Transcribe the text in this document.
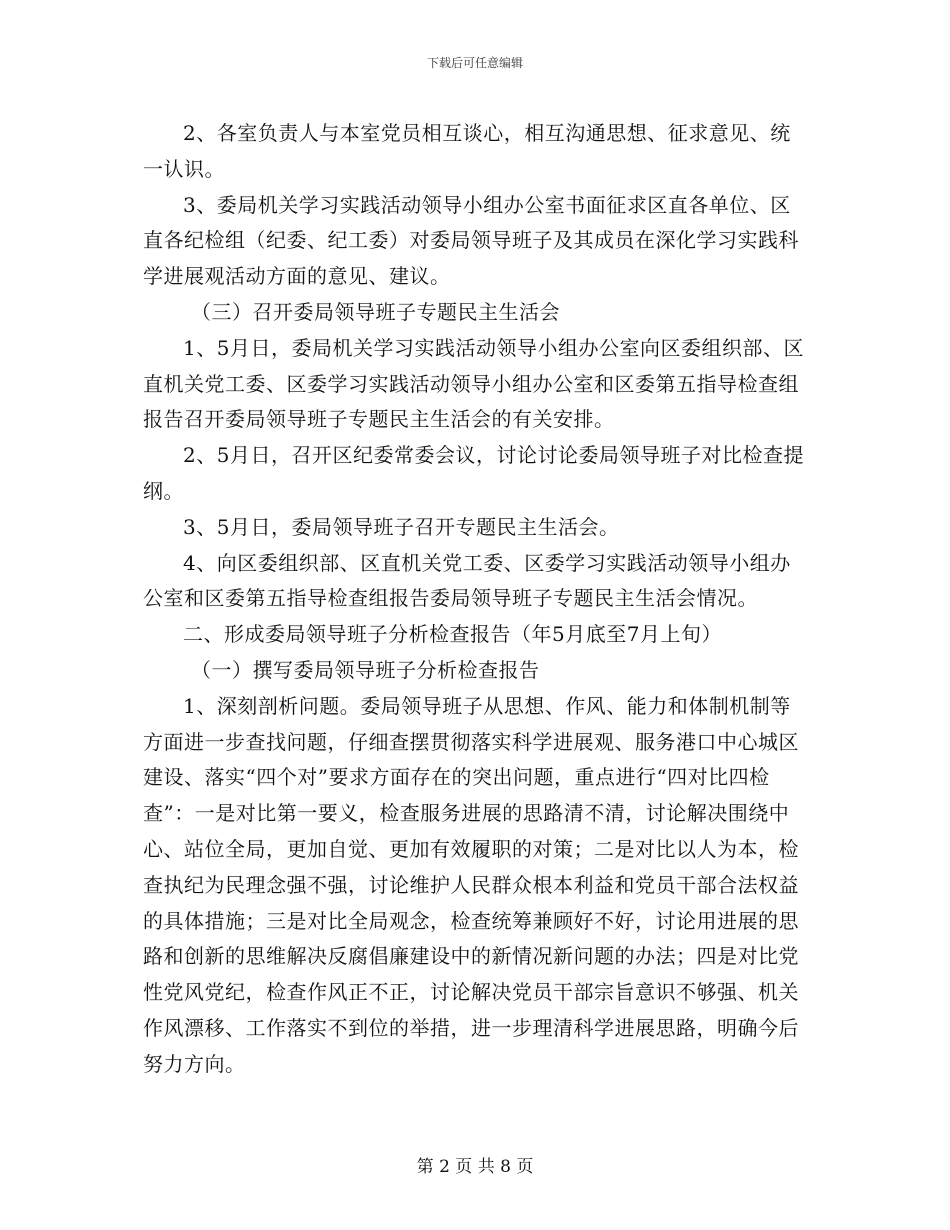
下载后可任意编辑

2、各室负责人与本室党员相互谈心，相互沟通思想、征求意见、统一认识。

3、委局机关学习实践活动领导小组办公室书面征求区直各单位、区直各纪检组（纪委、纪工委）对委局领导班子及其成员在深化学习实践科学进展观活动方面的意见、建议。

（三）召开委局领导班子专题民主生活会

1、5月日，委局机关学习实践活动领导小组办公室向区委组织部、区直机关党工委、区委学习实践活动领导小组办公室和区委第五指导检查组报告召开委局领导班子专题民主生活会的有关安排。

2、5月日，召开区纪委常委会议，讨论讨论委局领导班子对比检查提纲。

3、5月日，委局领导班子召开专题民主生活会。

4、向区委组织部、区直机关党工委、区委学习实践活动领导小组办公室和区委第五指导检查组报告委局领导班子专题民主生活会情况。

二、形成委局领导班子分析检查报告（年5月底至7月上旬）

（一）撰写委局领导班子分析检查报告

1、深刻剖析问题。委局领导班子从思想、作风、能力和体制机制等方面进一步查找问题，仔细查摆贯彻落实科学进展观、服务港口中心城区建设、落实“四个对”要求方面存在的突出问题，重点进行“四对比四检查”：一是对比第一要义，检查服务进展的思路清不清，讨论解决围绕中心、站位全局，更加自觉、更加有效履职的对策；二是对比以人为本，检查执纪为民理念强不强，讨论维护人民群众根本利益和党员干部合法权益的具体措施；三是对比全局观念，检查统筹兼顾好不好，讨论用进展的思路和创新的思维解决反腐倡廉建设中的新情况新问题的办法；四是对比党性党风党纪，检查作风正不正，讨论解决党员干部宗旨意识不够强、机关作风漂移、工作落实不到位的举措，进一步理清科学进展思路，明确今后努力方向。

第 2 页 共 8 页
